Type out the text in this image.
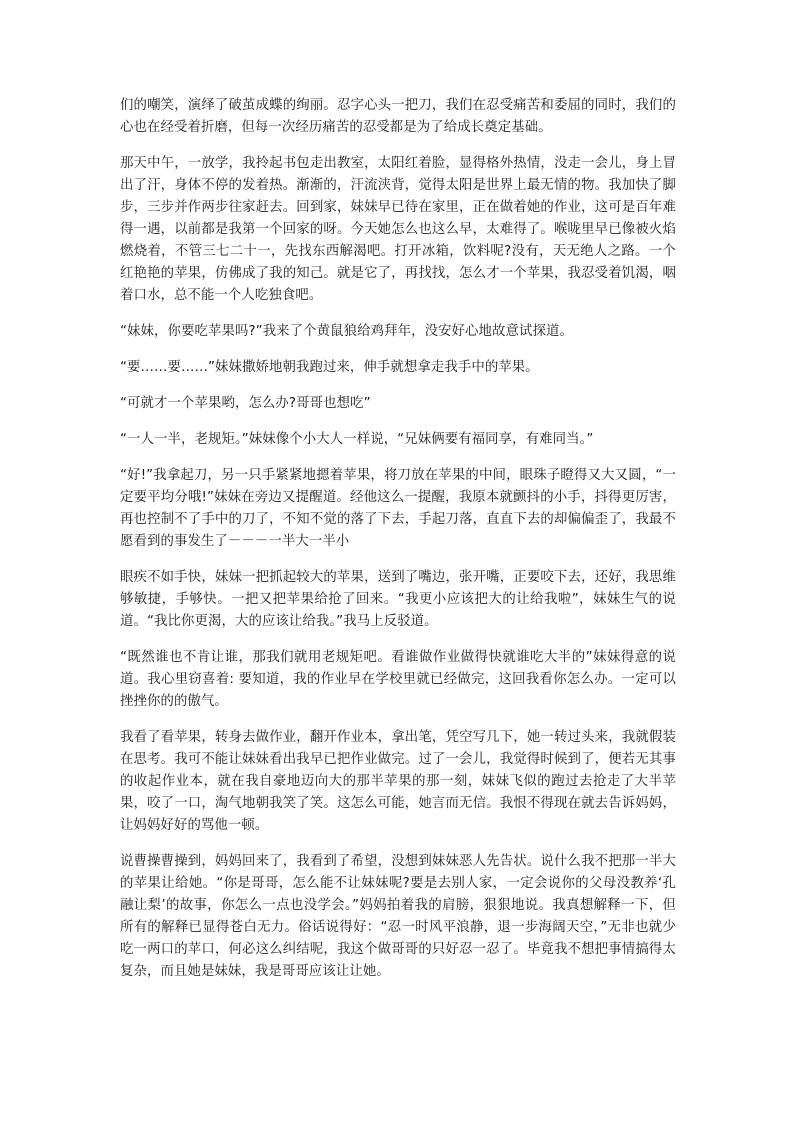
们的嘲笑，演绎了破茧成蝶的绚丽。忍字心头一把刀，我们在忍受痛苦和委屈的同时，我们的心也在经受着折磨，但每一次经历痛苦的忍受都是为了给成长奠定基础。

那天中午，一放学，我拎起书包走出教室，太阳红着脸，显得格外热情，没走一会儿，身上冒出了汗，身体不停的发着热。渐渐的，汗流浃背，觉得太阳是世界上最无情的物。我加快了脚步，三步并作两步往家赶去。回到家，妹妹早已待在家里，正在做着她的作业，这可是百年难得一遇，以前都是我第一个回家的呀。今天她怎么也这么早，太难得了。喉咙里早已像被火焰燃烧着，不管三七二十一，先找东西解渴吧。打开冰箱，饮料呢?没有，天无绝人之路。一个红艳艳的苹果，仿佛成了我的知己。就是它了，再找找，怎么才一个苹果，我忍受着饥渴，咽着口水，总不能一个人吃独食吧。

“妹妹，你要吃苹果吗?”我来了个黄鼠狼给鸡拜年，没安好心地故意试探道。

“要……要……”妹妹撒娇地朝我跑过来，伸手就想拿走我手中的苹果。

“可就才一个苹果哟，怎么办?哥哥也想吃”

“一人一半，老规矩。”妹妹像个小大人一样说，“兄妹俩要有福同享，有难同当。”

“好!”我拿起刀，另一只手紧紧地摁着苹果，将刀放在苹果的中间，眼珠子瞪得又大又圆，“一定要平均分哦!”妹妹在旁边又提醒道。经他这么一提醒，我原本就颤抖的小手，抖得更厉害，再也控制不了手中的刀了，不知不觉的落了下去，手起刀落，直直下去的却偏偏歪了，我最不愿看到的事发生了－－－一半大一半小

眼疾不如手快，妹妹一把抓起较大的苹果，送到了嘴边，张开嘴，正要咬下去，还好，我思维够敏捷，手够快。一把又把苹果给抢了回来。“我更小应该把大的让给我啦”，妹妹生气的说道。“我比你更渴，大的应该让给我。”我马上反驳道。

“既然谁也不肯让谁，那我们就用老规矩吧。看谁做作业做得快就谁吃大半的”妹妹得意的说道。我心里窃喜着: 要知道，我的作业早在学校里就已经做完，这回我看你怎么办。一定可以挫挫你的的傲气。

我看了看苹果，转身去做作业，翻开作业本，拿出笔，凭空写几下，她一转过头来，我就假装在思考。我可不能让妹妹看出我早已把作业做完。过了一会儿，我觉得时候到了，便若无其事的收起作业本，就在我自豪地迈向大的那半苹果的那一刻，妹妹飞似的跑过去抢走了大半苹果，咬了一口，淘气地朝我笑了笑。这怎么可能，她言而无信。我恨不得现在就去告诉妈妈，让妈妈好好的骂他一顿。

说曹操曹操到，妈妈回来了，我看到了希望，没想到妹妹恶人先告状。说什么我不把那一半大的苹果让给她。“你是哥哥，怎么能不让妹妹呢?要是去别人家，一定会说你的父母没教养‘孔融让梨’的故事，你怎么一点也没学会。”妈妈拍着我的肩膀，狠狠地说。我真想解释一下，但所有的解释已显得苍白无力。俗话说得好：“忍一时风平浪静，退一步海阔天空，”无非也就少吃一两口的苹口，何必这么纠结呢，我这个做哥哥的只好忍一忍了。毕竟我不想把事情搞得太复杂，而且她是妹妹，我是哥哥应该让让她。
